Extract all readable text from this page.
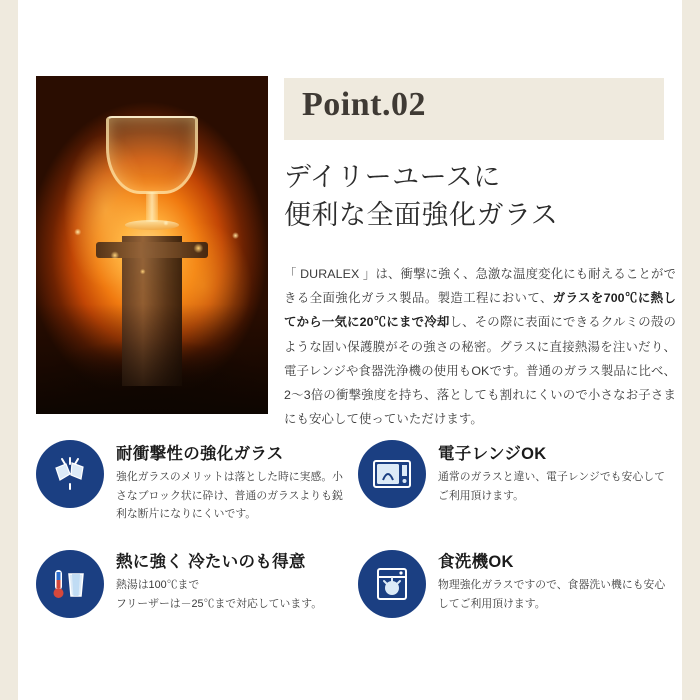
Point.02
デイリーユースに
便利な全面強化ガラス
「 DURALEX 」は、衝撃に強く、急激な温度変化にも耐えることができる全面強化ガラス製品。製造工程において、ガラスを700℃に熱してから一気に20℃にまで冷却し、その際に表面にできるクルミの殻のような固い保護膜がその強さの秘密。グラスに直接熱湯を注いだり、電子レンジや食器洗浄機の使用もOKです。普通のガラス製品に比べ、2〜3倍の衝撃強度を持ち、落としても割れにくいので小さなお子さまにも安心して使っていただけます。
耐衝撃性の強化ガラス
強化ガラスのメリットは落とした時に実感。小さなブロック状に砕け、普通のガラスよりも鋭利な断片になりにくいです。
電子レンジOK
通常のガラスと違い、電子レンジでも安心してご利用頂けます。
熱に強く 冷たいのも得意
熱湯は100℃まで
フリーザーは－25℃まで対応しています。
食洗機OK
物理強化ガラスですので、食器洗い機にも安心してご利用頂けます。
